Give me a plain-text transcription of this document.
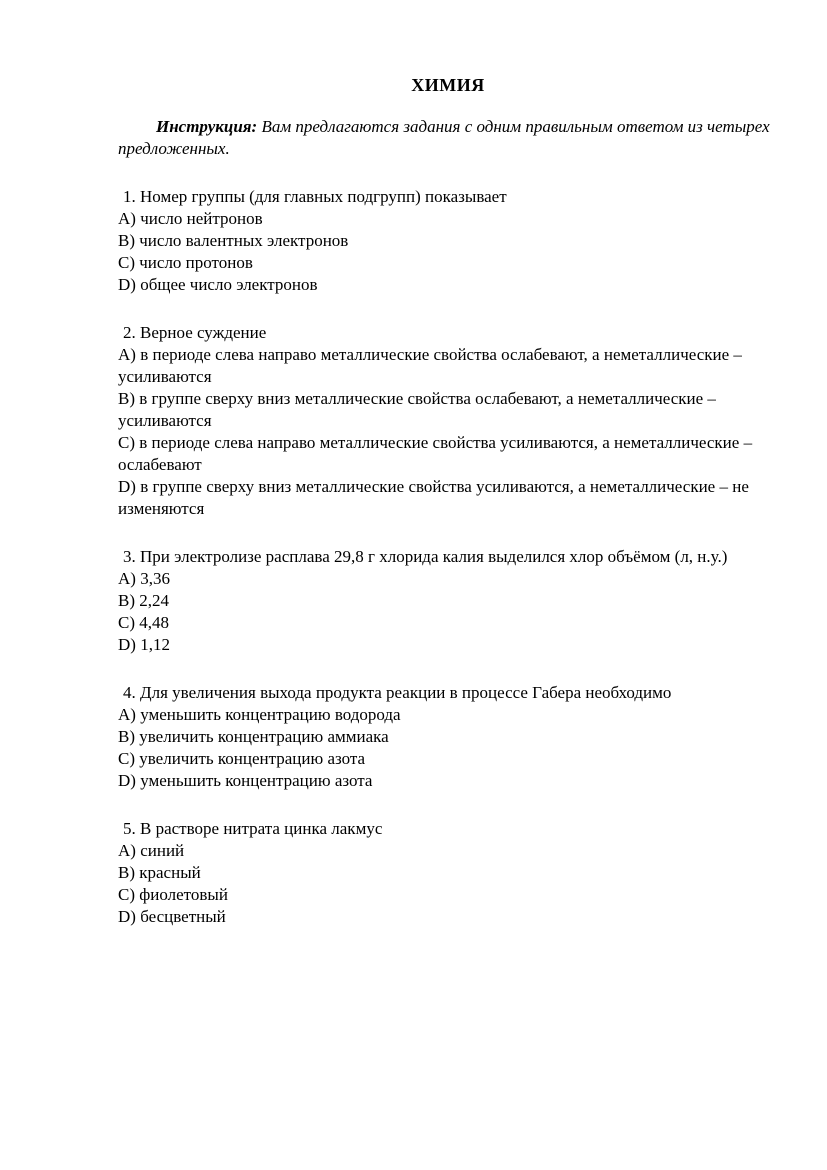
ХИМИЯ

Инструкция: Вам предлагаются задания с одним правильным ответом из четырех предложенных.

1. Номер группы (для главных подгрупп) показывает
A) число нейтронов
B) число валентных электронов
C) число протонов
D) общее число электронов
2. Верное суждение
A) в периоде слева направо металлические свойства ослабевают, а неметаллические – усиливаются
B) в группе сверху вниз металлические свойства ослабевают, а неметаллические – усиливаются
C) в периоде слева направо металлические свойства усиливаются, а неметаллические – ослабевают
D) в группе сверху вниз металлические свойства усиливаются, а неметаллические – не изменяются
3. При электролизе расплава 29,8 г хлорида калия выделился хлор объёмом (л, н.у.)
A) 3,36
B) 2,24
C) 4,48
D) 1,12
4. Для увеличения выхода продукта реакции в процессе Габера необходимо
A) уменьшить концентрацию водорода
B) увеличить концентрацию аммиака
C) увеличить концентрацию азота
D) уменьшить концентрацию азота
5. В растворе нитрата цинка лакмус
A) синий
B) красный
C) фиолетовый
D) бесцветный
